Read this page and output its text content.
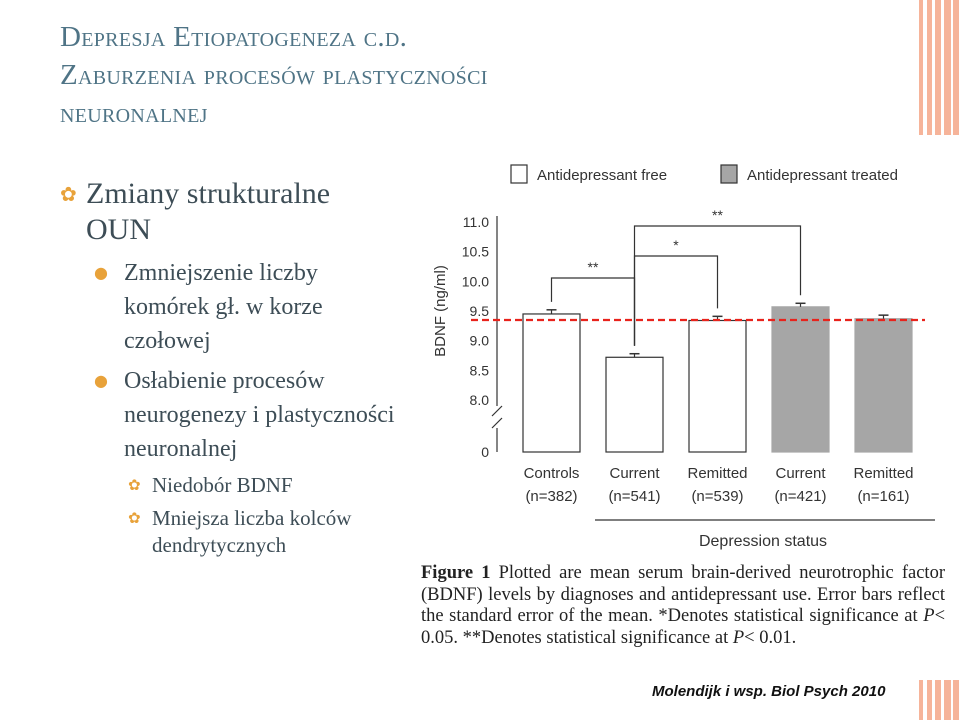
Depresja Etiopatogeneza c.d.
Zaburzenia procesów plastyczności
neuronalnej
✿ Zmiany strukturalne OUN
● Zmniejszenie liczby komórek gł. w korze czołowej
● Osłabienie procesów neurogenezy i plastyczności neuronalnej
✿ Niedobór BDNF
✿ Mniejsza liczba kolców dendrytycznych
Antidepressant free	Antidepressant treated
11.0
10.5
10.0
9.5
9.0
8.5
8.0
0
BDNF (ng/ml)
Controls
(n=382)
Current
(n=541)
Remitted
(n=539)
Current
(n=421)
Remitted
(n=161)
**
*
**
Depression status
Figure 1 Plotted are mean serum brain-derived neurotrophic factor (BDNF) levels by diagnoses and antidepressant use. Error bars reflect the standard error of the mean. *Denotes statistical significance at P< 0.05. **Denotes statistical significance at P< 0.01.
Molendijk i wsp. Biol Psych 2010
